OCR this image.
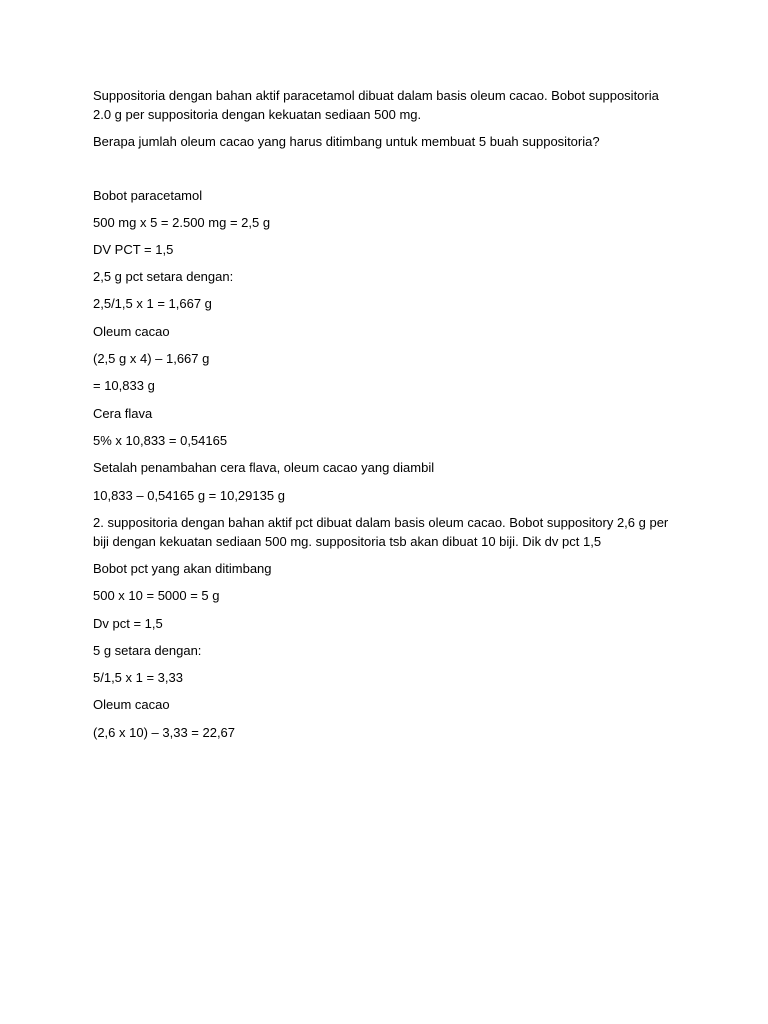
Suppositoria dengan bahan aktif paracetamol dibuat dalam basis oleum cacao. Bobot suppositoria
2.0 g per suppositoria dengan kekuatan sediaan 500 mg.
Berapa jumlah oleum cacao yang harus ditimbang untuk membuat 5 buah suppositoria?
Bobot paracetamol
500 mg x 5 = 2.500 mg = 2,5 g
DV PCT = 1,5
2,5 g pct setara dengan:
2,5/1,5 x 1 = 1,667 g
Oleum cacao
(2,5 g x 4) – 1,667 g
= 10,833 g
Cera flava
5% x 10,833 = 0,54165
Setalah penambahan cera flava, oleum cacao yang diambil
10,833 – 0,54165 g = 10,29135 g
2. suppositoria dengan bahan aktif pct dibuat dalam basis oleum cacao. Bobot suppository 2,6 g per
biji dengan kekuatan sediaan 500 mg. suppositoria tsb akan dibuat 10 biji. Dik dv pct 1,5
Bobot pct yang akan ditimbang
500 x 10 = 5000 = 5 g
Dv pct = 1,5
5 g setara dengan:
5/1,5 x 1 = 3,33
Oleum cacao
(2,6 x 10) – 3,33 = 22,67
